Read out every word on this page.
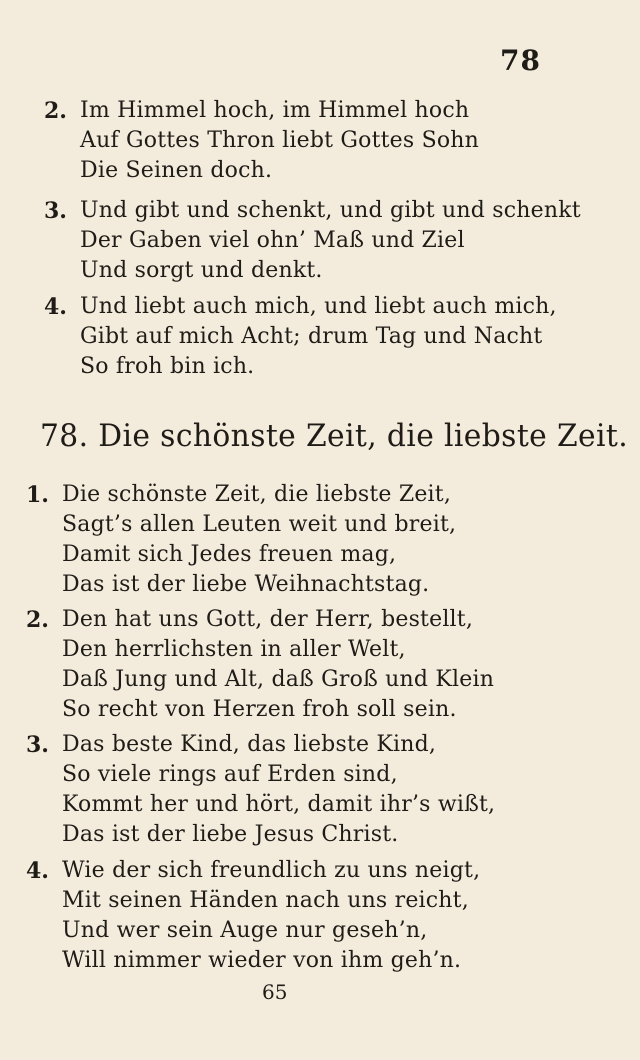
78
2. Im Himmel hoch, im Himmel hoch
Auf Gottes Thron liebt Gottes Sohn
Die Seinen doch.
3. Und gibt und schenkt, und gibt und schenkt
Der Gaben viel ohn’ Maß und Ziel
Und sorgt und denkt.
4. Und liebt auch mich, und liebt auch mich,
Gibt auf mich Acht; drum Tag und Nacht
So froh bin ich.
78. Die schönste Zeit, die liebste Zeit.
1. Die schönste Zeit, die liebste Zeit,
Sagt’s allen Leuten weit und breit,
Damit sich Jedes freuen mag,
Das ist der liebe Weihnachtstag.
2. Den hat uns Gott, der Herr, bestellt,
Den herrlichsten in aller Welt,
Daß Jung und Alt, daß Groß und Klein
So recht von Herzen froh soll sein.
3. Das beste Kind, das liebste Kind,
So viele rings auf Erden sind,
Kommt her und hört, damit ihr’s wißt,
Das ist der liebe Jesus Christ.
4. Wie der sich freundlich zu uns neigt,
Mit seinen Händen nach uns reicht,
Und wer sein Auge nur geseh’n,
Will nimmer wieder von ihm geh’n.
65
